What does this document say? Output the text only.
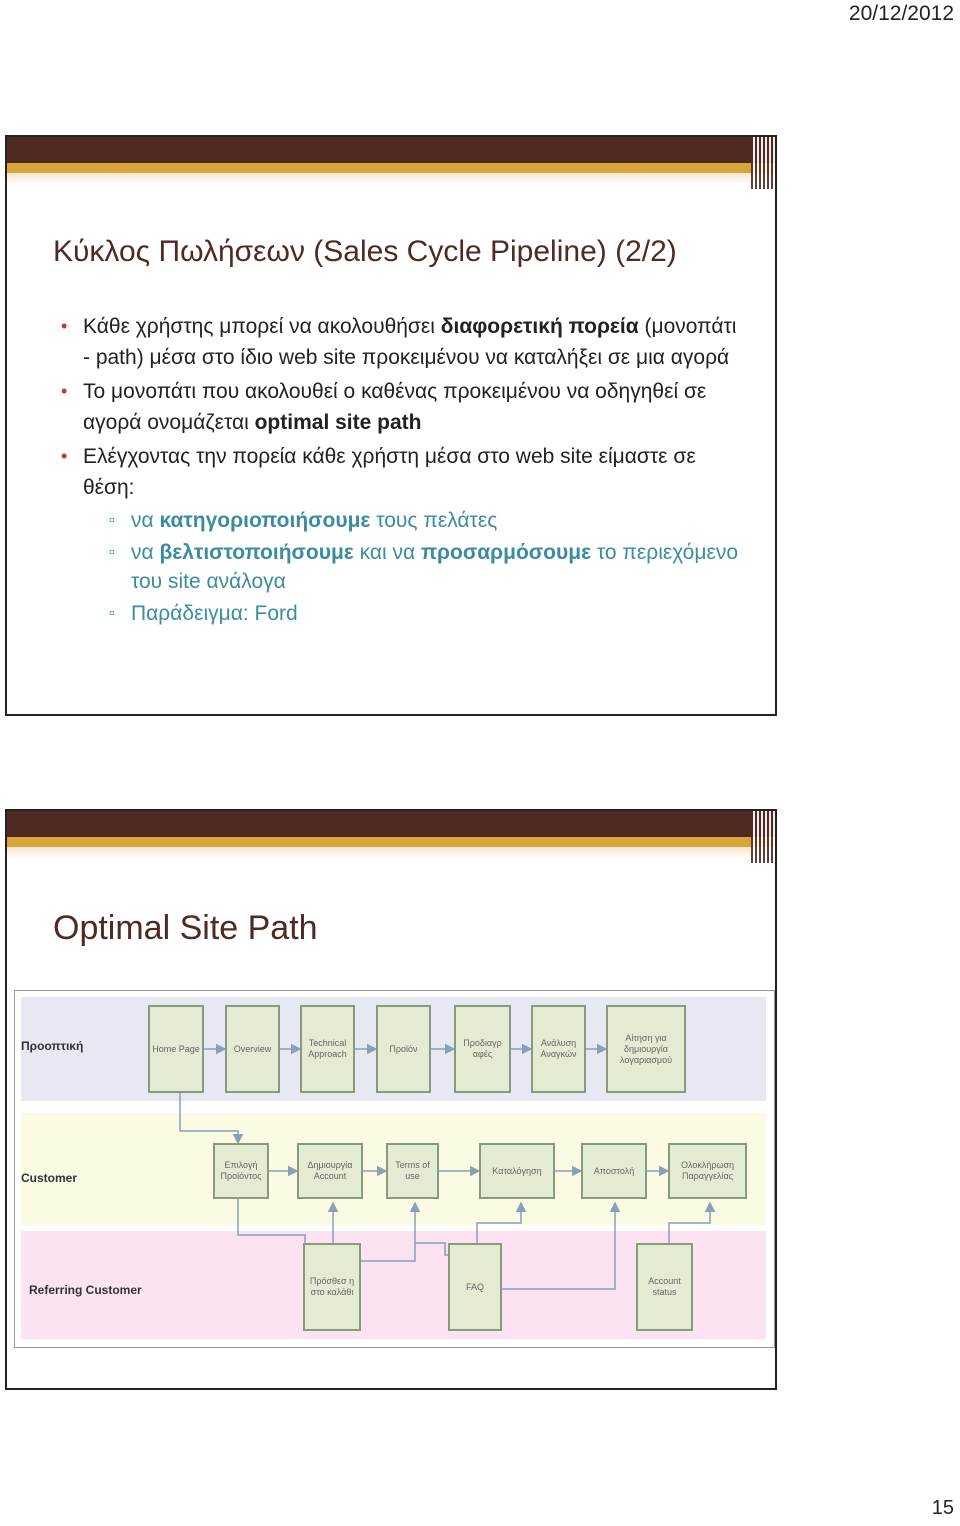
20/12/2012
Κύκλος Πωλήσεων (Sales Cycle Pipeline) (2/2)
• Κάθε χρήστης μπορεί να ακολουθήσει διαφορετική πορεία (μονοπάτι - path) μέσα στο ίδιο web site προκειμένου να καταλήξει σε μια αγορά
• Το μονοπάτι που ακολουθεί ο καθένας προκειμένου να οδηγηθεί σε αγορά ονομάζεται optimal site path
• Ελέγχοντας την πορεία κάθε χρήστη μέσα στο web site είμαστε σε θέση:
▫ να κατηγοριοποιήσουμε τους πελάτες
▫ να βελτιστοποιήσουμε και να προσαρμόσουμε το περιεχόμενο του site ανάλογα
▫ Παράδειγμα: Ford
Optimal Site Path
Προοπτική
Customer
Referring Customer
Home Page	Overview
Technical Approach
Προϊόν
Προδιαγρ αφές
Ανάλυση Αναγκών
Αίτηση για δημιουργία λογαριασμού
Επιλογή Προϊόντος
Δημιουργία Account
Terms of use
Καταλόγηση	Αποστολή
Ολοκλήρωση Παραγγελίας
Πρόσθεσ η στο καλάθι
FAQ
Account status
15
